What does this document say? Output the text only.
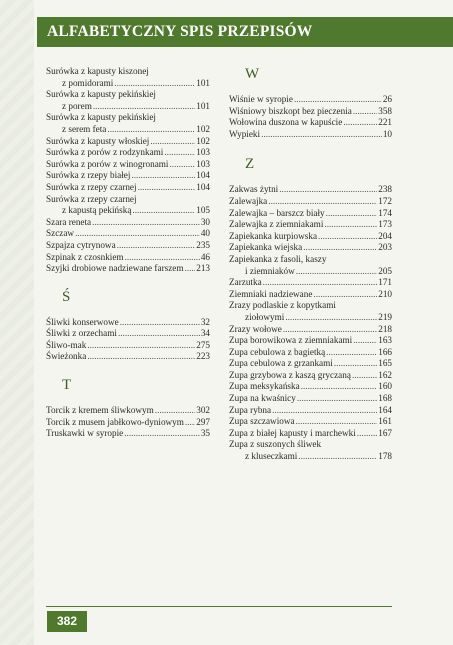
ALFABETYCZNY SPIS PRZEPISÓW
Surówka z kapusty kiszonej
z pomidorami .....	101
Surówka z kapusty pekińskiej
z porem .....	101
Surówka z kapusty pekińskiej
z serem feta .....	102
Surówka z kapusty włoskiej .....	102
Surówka z porów z rodzynkami .....	103
Surówka z porów z winogronami .....	103
Surówka z rzepy białej .....	104
Surówka z rzepy czarnej .....	104
Surówka z rzepy czarnej
z kapustą pekińską .....	105
Szara reneta .....	30
Szczaw .....	40
Szpajza cytrynowa .....	235
Szpinak z czosnkiem .....	46
Szyjki drobiowe nadziewane farszem ..... 213
Ś
Śliwki konserwowe .....	32
Śliwki z orzechami .....	34
Śliwo-mak .....	275
Świeżonka .....	223
T
Torcik z kremem śliwkowym .....	302
Torcik z musem jabłkowo-dyniowym ..... 297
Truskawki w syropie .....	35
W
Wiśnie w syropie .....	26
Wiśniowy biszkopt bez pieczenia .....	358
Wołowina duszona w kapuście .....	221
Wypieki .....	10
Z
Zakwas żytni .....	238
Zalewajka .....	172
Zalewajka – barszcz biały .....	174
Zalewajka z ziemniakami .....	173
Zapiekanka kurpiowska .....	204
Zapiekanka wiejska .....	203
Zapiekanka z fasoli, kaszy
i ziemniaków .....	205
Zarzutka .....	171
Ziemniaki nadziewane .....	210
Zrazy podlaskie z kopytkami
ziołowymi .....	219
Zrazy wołowe .....	218
Zupa borowikowa z ziemniakami .....	163
Zupa cebulowa z bagietką .....	166
Zupa cebulowa z grzankami .....	165
Zupa grzybowa z kaszą gryczaną .....	162
Zupa meksykańska .....	160
Zupa na kwaśnicy .....	168
Zupa rybna .....	164
Zupa szczawiowa .....	161
Zupa z białej kapusty i marchewki ..... 167
Zupa z suszonych śliwek
z kluseczkami .....	178
382
